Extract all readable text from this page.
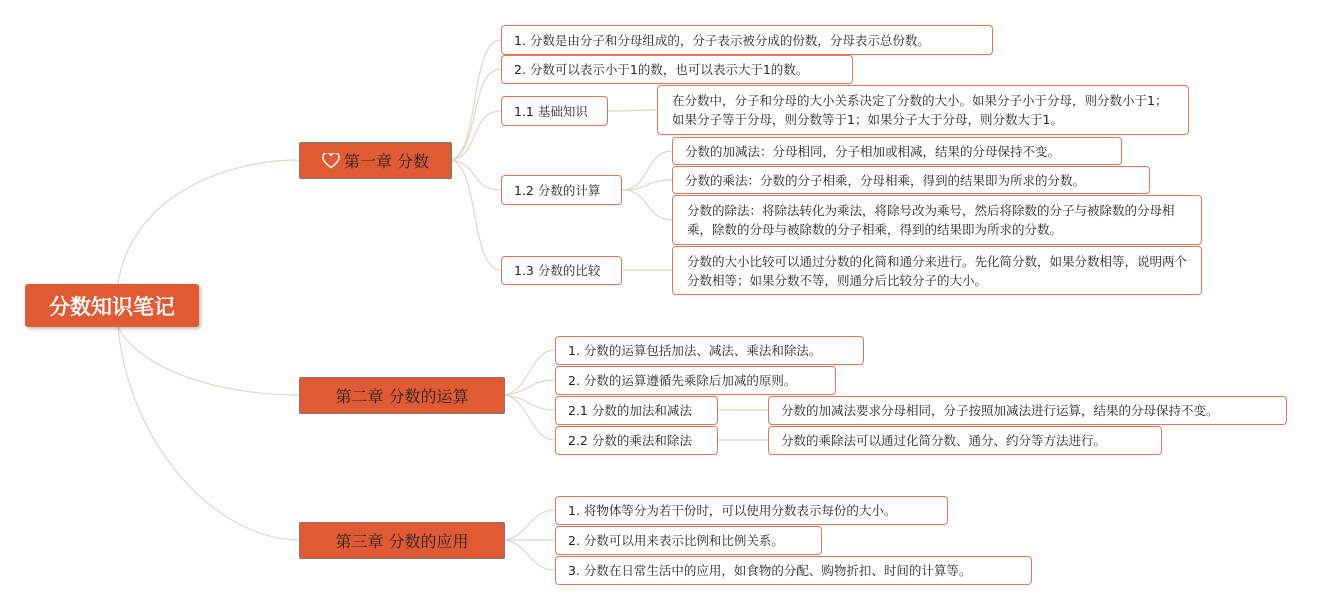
分数知识笔记
第一章 分数
1. 分数是由分子和分母组成的，分子表示被分成的份数，分母表示总份数。
2. 分数可以表示小于1的数，也可以表示大于1的数。
1.1 基础知识
在分数中，分子和分母的大小关系决定了分数的大小。如果分子小于分母，则分数小于1；如果分子等于分母，则分数等于1；如果分子大于分母，则分数大于1。
1.2 分数的计算
分数的加减法：分母相同，分子相加或相减，结果的分母保持不变。
分数的乘法：分数的分子相乘，分母相乘，得到的结果即为所求的分数。
分数的除法：将除法转化为乘法，将除号改为乘号，然后将除数的分子与被除数的分母相乘，除数的分母与被除数的分子相乘，得到的结果即为所求的分数。
1.3 分数的比较
分数的大小比较可以通过分数的化简和通分来进行。先化简分数，如果分数相等，说明两个分数相等；如果分数不等，则通分后比较分子的大小。
第二章 分数的运算
1. 分数的运算包括加法、减法、乘法和除法。
2. 分数的运算遵循先乘除后加减的原则。
2.1 分数的加法和减法	分数的加减法要求分母相同，分子按照加减法进行运算，结果的分母保持不变。
2.2 分数的乘法和除法	分数的乘除法可以通过化简分数、通分、约分等方法进行。
第三章 分数的应用
1. 将物体等分为若干份时，可以使用分数表示每份的大小。
2. 分数可以用来表示比例和比例关系。
3. 分数在日常生活中的应用，如食物的分配、购物折扣、时间的计算等。
